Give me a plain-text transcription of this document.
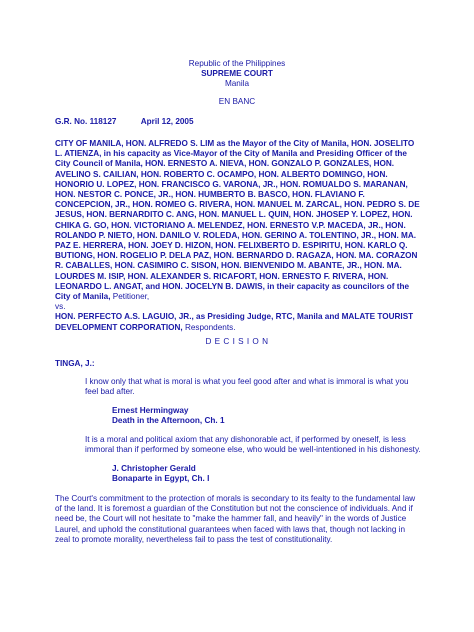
Republic of the Philippines
SUPREME COURT
Manila
EN BANC
G.R. No. 118127	April 12, 2005
CITY OF MANILA, HON. ALFREDO S. LIM as the Mayor of the City of Manila, HON. JOSELITO
L. ATIENZA, in his capacity as Vice-Mayor of the City of Manila and Presiding Officer of the
City Council of Manila, HON. ERNESTO A. NIEVA, HON. GONZALO P. GONZALES, HON.
AVELINO S. CAILIAN, HON. ROBERTO C. OCAMPO, HON. ALBERTO DOMINGO, HON.
HONORIO U. LOPEZ, HON. FRANCISCO G. VARONA, JR., HON. ROMUALDO S. MARANAN,
HON. NESTOR C. PONCE, JR., HON. HUMBERTO B. BASCO, HON. FLAVIANO F.
CONCEPCION, JR., HON. ROMEO G. RIVERA, HON. MANUEL M. ZARCAL, HON. PEDRO S. DE
JESUS, HON. BERNARDITO C. ANG, HON. MANUEL L. QUIN, HON. JHOSEP Y. LOPEZ, HON.
CHIKA G. GO, HON. VICTORIANO A. MELENDEZ, HON. ERNESTO V.P. MACEDA, JR., HON.
ROLANDO P. NIETO, HON. DANILO V. ROLEDA, HON. GERINO A. TOLENTINO, JR., HON. MA.
PAZ E. HERRERA, HON. JOEY D. HIZON, HON. FELIXBERTO D. ESPIRITU, HON. KARLO Q.
BUTIONG, HON. ROGELIO P. DELA PAZ, HON. BERNARDO D. RAGAZA, HON. MA. CORAZON
R. CABALLES, HON. CASIMIRO C. SISON, HON. BIENVENIDO M. ABANTE, JR., HON. MA.
LOURDES M. ISIP, HON. ALEXANDER S. RICAFORT, HON. ERNESTO F. RIVERA, HON.
LEONARDO L. ANGAT, and HON. JOCELYN B. DAWIS, in their capacity as councilors of the
City of Manila, Petitioner,
vs.
HON. PERFECTO A.S. LAGUIO, JR., as Presiding Judge, RTC, Manila and MALATE TOURIST
DEVELOPMENT CORPORATION, Respondents.
D E C I S I O N
TINGA, J.:
I know only that what is moral is what you feel good after and what is immoral is what you
feel bad after.
Ernest Hermingway
Death in the Afternoon, Ch. 1
It is a moral and political axiom that any dishonorable act, if performed by oneself, is less
immoral than if performed by someone else, who would be well-intentioned in his dishonesty.
J. Christopher Gerald
Bonaparte in Egypt, Ch. I
The Court's commitment to the protection of morals is secondary to its fealty to the fundamental law
of the land. It is foremost a guardian of the Constitution but not the conscience of individuals. And if
need be, the Court will not hesitate to "make the hammer fall, and heavily" in the words of Justice
Laurel, and uphold the constitutional guarantees when faced with laws that, though not lacking in
zeal to promote morality, nevertheless fail to pass the test of constitutionality.
